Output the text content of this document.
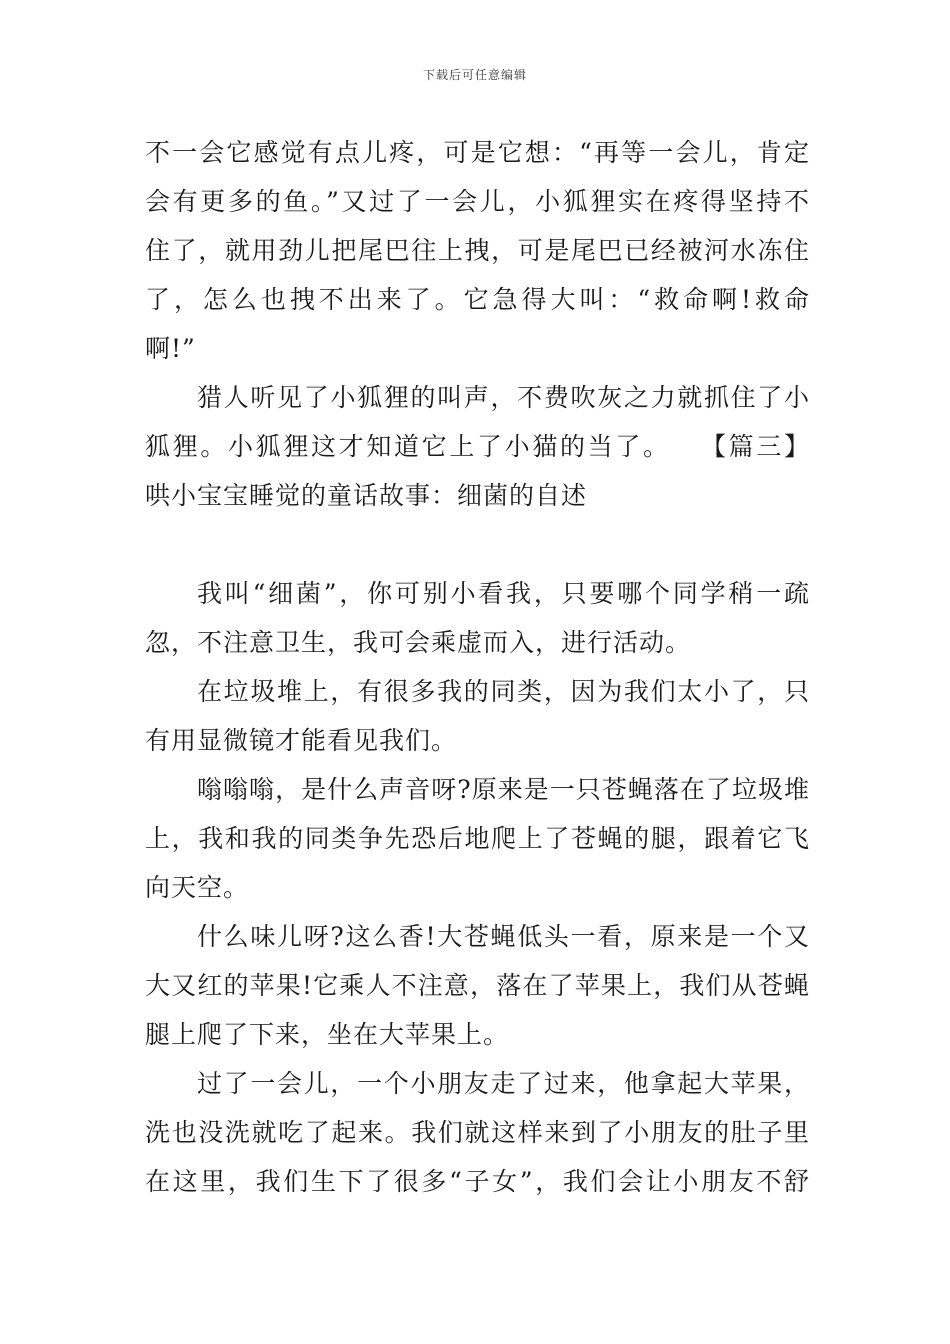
下载后可任意编辑
不一会它感觉有点儿疼，可是它想：“再等一会儿，肯定
会有更多的鱼。”又过了一会儿，小狐狸实在疼得坚持不
住了，就用劲儿把尾巴往上拽，可是尾巴已经被河水冻住
了，怎么也拽不出来了。它急得大叫：“救命啊!救命
啊!”
猎人听见了小狐狸的叫声，不费吹灰之力就抓住了小
狐狸。小狐狸这才知道它上了小猫的当了。　　【篇三】
哄小宝宝睡觉的童话故事：细菌的自述
我叫“细菌”，你可别小看我，只要哪个同学稍一疏
忽，不注意卫生，我可会乘虚而入，进行活动。
在垃圾堆上，有很多我的同类，因为我们太小了，只
有用显微镜才能看见我们。
嗡嗡嗡，是什么声音呀?原来是一只苍蝇落在了垃圾堆
上，我和我的同类争先恐后地爬上了苍蝇的腿，跟着它飞
向天空。
什么味儿呀?这么香!大苍蝇低头一看，原来是一个又
大又红的苹果!它乘人不注意，落在了苹果上，我们从苍蝇
腿上爬了下来，坐在大苹果上。
过了一会儿，一个小朋友走了过来，他拿起大苹果，
洗也没洗就吃了起来。我们就这样来到了小朋友的肚子里
在这里，我们生下了很多“子女”，我们会让小朋友不舒
